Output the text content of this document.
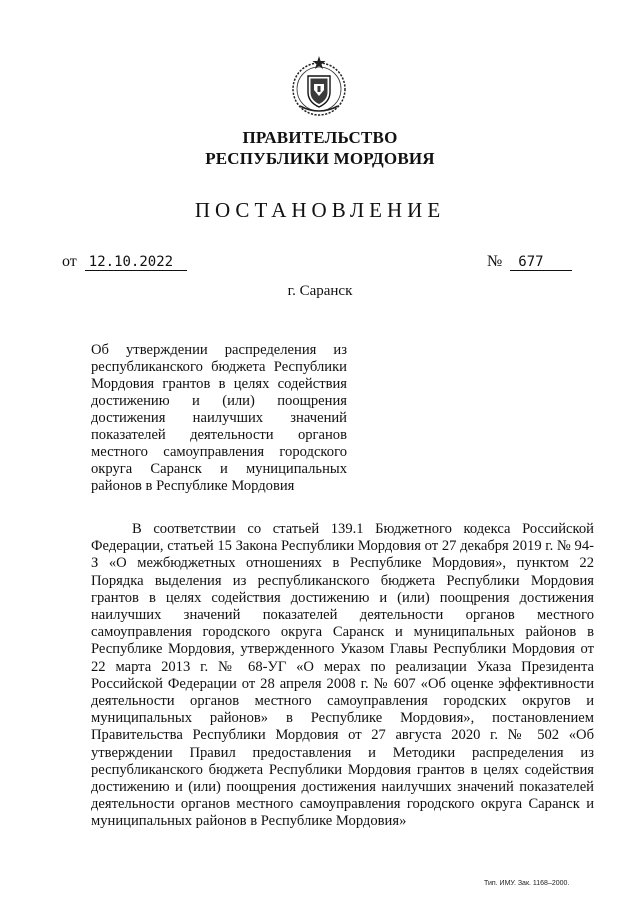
ПРАВИТЕЛЬСТВО
РЕСПУБЛИКИ МОРДОВИЯ
ПОСТАНОВЛЕНИЕ
от 12.10.2022	№ 677
г. Саранск

Об утверждении распределения из республиканского бюджета Республики Мордовия грантов в целях содействия достижению и (или) поощрения достижения наилучших значений показателей деятельности органов местного самоуправления городского округа Саранск и муниципальных районов в Республике Мордовия

В соответствии со статьей 139.1 Бюджетного кодекса Российской Федерации, статьей 15 Закона Республики Мордовия от 27 декабря 2019 г. № 94-З «О межбюджетных отношениях в Республике Мордовия», пунктом 22 Порядка выделения из республиканского бюджета Республики Мордовия грантов в целях содействия достижению и (или) поощрения достижения наилучших значений показателей деятельности органов местного самоуправления городского округа Саранск и муниципальных районов в Республике Мордовия, утвержденного Указом Главы Республики Мордовия от 22 марта 2013 г. № 68-УГ «О мерах по реализации Указа Президента Российской Федерации от 28 апреля 2008 г. № 607 «Об оценке эффективности деятельности органов местного самоуправления городских округов и муниципальных районов» в Республике Мордовия», постановлением Правительства Республики Мордовия от 27 августа 2020 г. № 502 «Об утверждении Правил предоставления и Методики распределения из республиканского бюджета Республики Мордовия грантов в целях содействия достижению и (или) поощрения достижения наилучших значений показателей деятельности органов местного самоуправления городского округа Саранск и муниципальных районов в Республике Мордовия»

Тип. ИМУ. Зак. 1168–2000.
